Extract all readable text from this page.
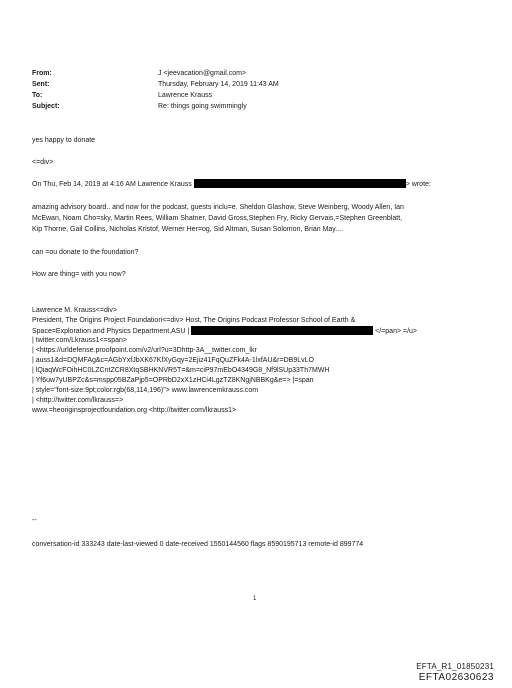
From:	J <jeevacation@gmail.com>
Sent:	Thursday, February 14, 2019 11:43 AM
To:	Lawrence Krauss
Subject:	Re: things going swimmingly
yes happy to donate
<=div>
On Thu, Feb 14, 2019 at 4:16 AM Lawrence Krauss	> wrote:
amazing advisory board.. and now for the podcast, guests inclu=e. Sheldon Glashow, Steve Weinberg, Woody Allen, Ian
McEwan, Noam Cho=sky, Martin Rees, William Shatner, David Gross,Stephen Fry, Ricky Gervais,=Stephen Greenblatt,
Kip Thorne, Gail Collins, Nicholas Kristof, Werner Her=og, Sid Altman, Susan Solomon, Brian May....
can =ou donate to the foundation?
How are thing= with you now?
Lawrence M. Krauss<=div>
President, The Origins Project Foundation<=div> Host, The Origins Podcast Professor School of Earth &
Space=Exploration and Physics Department,ASU |	</=pan> =/u>
| twitter.com/Lkrauss1<=span>
| <https://urldefense.proofpoint.com/v2/url?u=3Dhttp-3A__twitter.com_lkr
| auss1&d=DQMFAg&c=AGbYxfJbXK67KfXyGqy=2Ejiz41FqQuZFk4A-1lxfAU&r=DB9LvLO
| lQiaqWcFOihHC0LZCntZCR8XtqSBHKNVR5T=&m=ciP97mEbO4349G8_Nf9lSUp33Th7MWH
| Yf6uw7yUBPZc&s=mspp05BZaPjp5=OPRbD2xX1zHCi4LgzTZ8KNgjNBBKg&e=> |=span
| style="font-size:9pt;color:rgb(68,114,196)"> www.lawrencemkrauss.com
| <http://twitter.com/lkrauss=>
www.=heoriginsprojectfoundation.org <http://twitter.com/lkrauss1>
--
conversation-id 333243 date-last-viewed 0 date-received 1550144560 flags 8590195713 remote-id 899774
1
EFTA_R1_01850231
EFTA02630623
